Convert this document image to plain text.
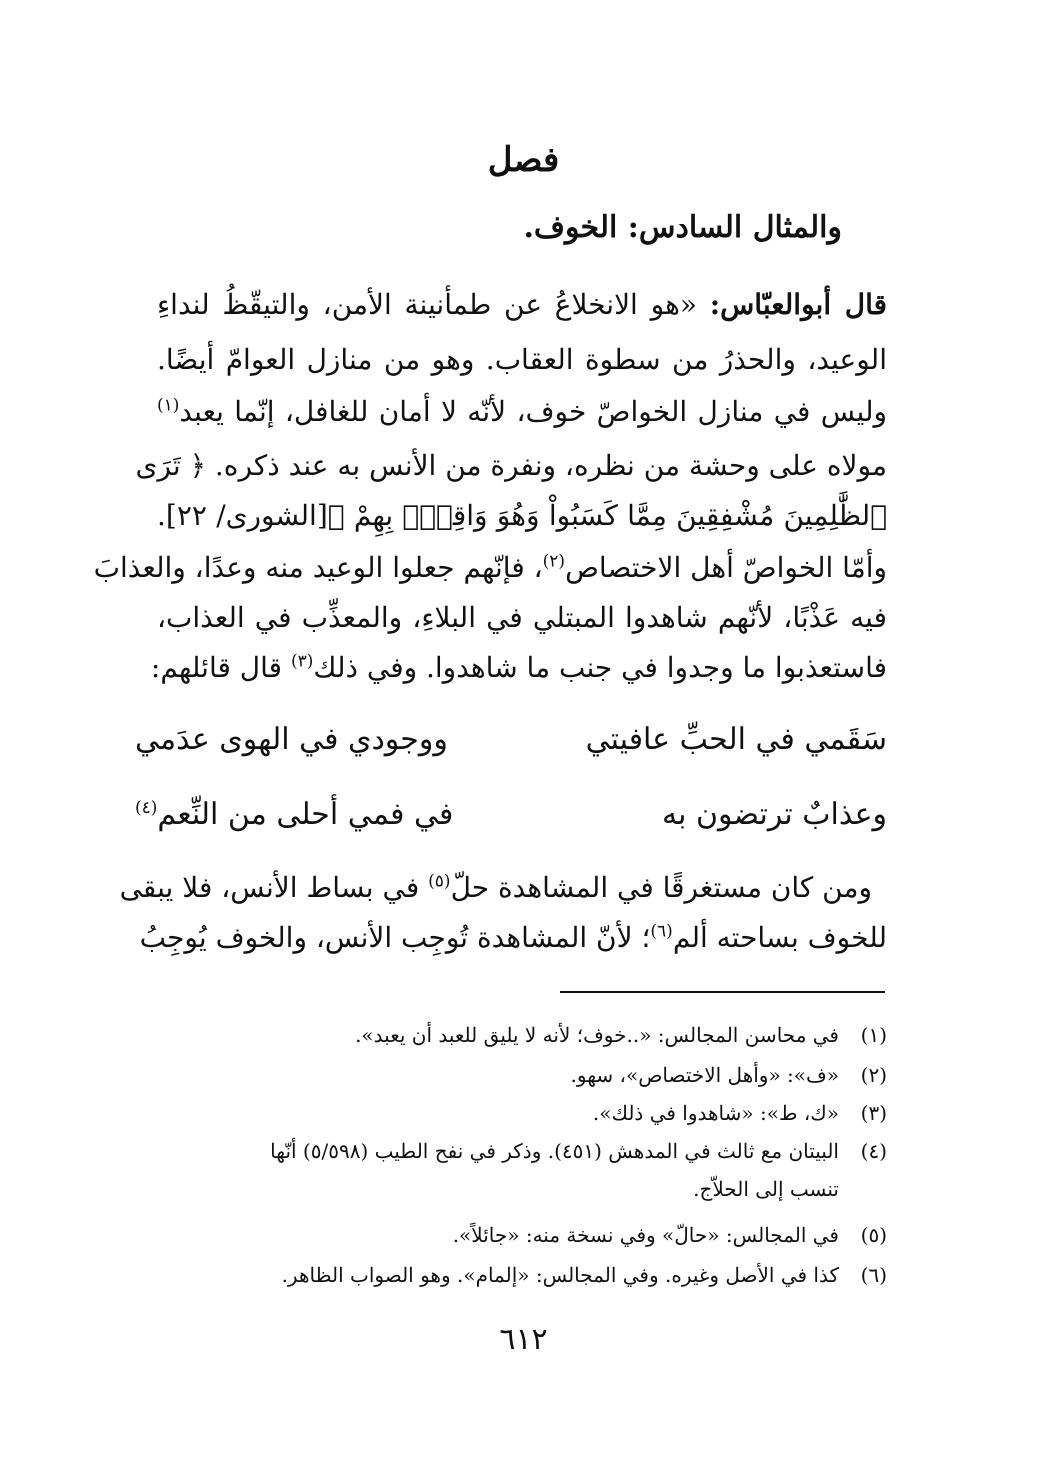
فصل
والمثال السادس: الخوف.
قال أبوالعبّاس: «هو الانخلاعُ عن طمأنينة الأمن، والتيقّظُ لنداءِ
الوعيد، والحذرُ من سطوة العقاب. وهو من منازل العوامّ أيضًا.
وليس في منازل الخواصّ خوف، لأنّه لا أمان للغافل، إنّما يعبد$^{(١)}$
مولاه على وحشة من نظره، ونفرة من الأنس به عند ذكره. ﴿ تَرَى
ٱلظَّٰلِمِينَ مُشْفِقِينَ مِمَّا كَسَبُواْ وَهُوَ وَاقِعُۢ بِهِمْ ﴾[الشورى/ ٢٢].
وأمّا الخواصّ أهل الاختصاص$^{(٢)}$، فإنّهم جعلوا الوعيد منه وعدًا، والعذابَ
فيه عَذْبًا، لأنّهم شاهدوا المبتلي في البلاءِ، والمعذِّب في العذاب،
فاستعذبوا ما وجدوا في جنب ما شاهدوا. وفي ذلك$^{(٣)}$ قال قائلهم:
سَقَمي في الحبِّ عافيتي
ووجودي في الهوى عدَمي
وعذابٌ ترتضون به
في فمي أحلى من النِّعم$^{(٤)}$
ومن كان مستغرقًا في المشاهدة حلّ$^{(٥)}$ في بساط الأنس، فلا يبقى
للخوف بساحته ألم$^{(٦)}$؛ لأنّ المشاهدة تُوجِب الأنس، والخوف يُوجِبُ
(١)في محاسن المجالس: «..خوف؛ لأنه لا يليق للعبد أن يعبد».
(٢)«ف»: «وأهل الاختصاص»، سهو.
(٣)«ك، ط»: «شاهدوا في ذلك».
(٤)البيتان مع ثالث في المدهش (٤٥١). وذكر في نفح الطيب (٥/٥٩٨) أنّها
تنسب إلى الحلاّج.
(٥)في المجالس: «حالّ» وفي نسخة منه: «جائلاً».
(٦)كذا في الأصل وغيره. وفي المجالس: «إلمام». وهو الصواب الظاهر.
٦١٢
